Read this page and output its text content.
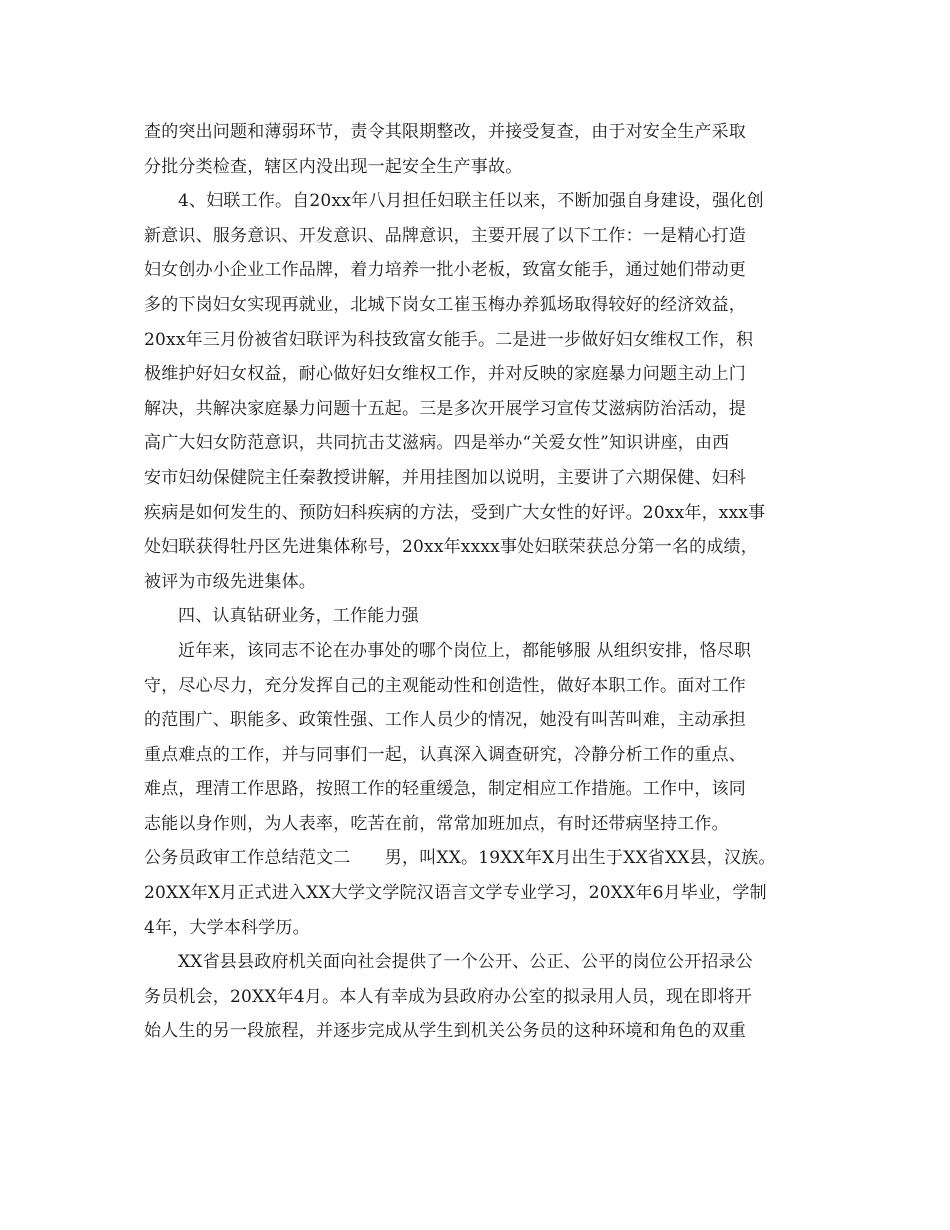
查的突出问题和薄弱环节，责令其限期整改，并接受复查，由于对安全生产采取
分批分类检查，辖区内没出现一起安全生产事故。
4、妇联工作。自20xx年八月担任妇联主任以来，不断加强自身建设，强化创
新意识、服务意识、开发意识、品牌意识，主要开展了以下工作：一是精心打造
妇女创办小企业工作品牌，着力培养一批小老板，致富女能手，通过她们带动更
多的下岗妇女实现再就业，北城下岗女工崔玉梅办养狐场取得较好的经济效益，
20xx年三月份被省妇联评为科技致富女能手。二是进一步做好妇女维权工作，积
极维护好妇女权益，耐心做好妇女维权工作，并对反映的家庭暴力问题主动上门
解决，共解决家庭暴力问题十五起。三是多次开展学习宣传艾滋病防治活动，提
高广大妇女防范意识，共同抗击艾滋病。四是举办“关爱女性”知识讲座，由西
安市妇幼保健院主任秦教授讲解，并用挂图加以说明，主要讲了六期保健、妇科
疾病是如何发生的、预防妇科疾病的方法，受到广大女性的好评。20xx年，xxx事
处妇联获得牡丹区先进集体称号，20xx年xxxx事处妇联荣获总分第一名的成绩，
被评为市级先进集体。
四、认真钻研业务，工作能力强
近年来，该同志不论在办事处的哪个岗位上，都能够服 从组织安排，恪尽职
守，尽心尽力，充分发挥自己的主观能动性和创造性，做好本职工作。面对工作
的范围广、职能多、政策性强、工作人员少的情况，她没有叫苦叫难，主动承担
重点难点的工作，并与同事们一起，认真深入调查研究，冷静分析工作的重点、
难点，理清工作思路，按照工作的轻重缓急，制定相应工作措施。工作中，该同
志能以身作则，为人表率，吃苦在前，常常加班加点，有时还带病坚持工作。
公务员政审工作总结范文二　　男，叫XX。19XX年X月出生于XX省XX县，汉族。
20XX年X月正式进入XX大学文学院汉语言文学专业学习，20XX年6月毕业，学制
4年，大学本科学历。
XX省县县政府机关面向社会提供了一个公开、公正、公平的岗位公开招录公
务员机会，20XX年4月。本人有幸成为县政府办公室的拟录用人员，现在即将开
始人生的另一段旅程，并逐步完成从学生到机关公务员的这种环境和角色的双重
